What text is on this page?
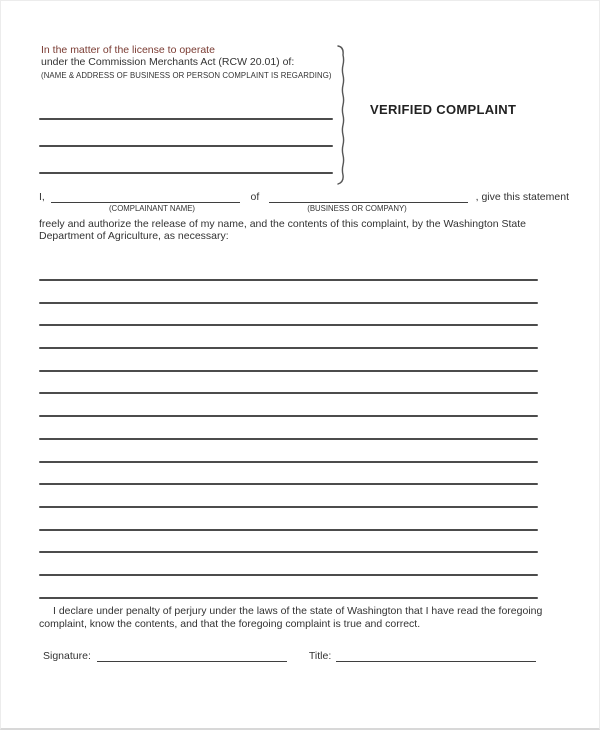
In the matter of the license to operate
under the Commission Merchants Act (RCW 20.01) of:
(NAME & ADDRESS OF BUSINESS OR PERSON COMPLAINT IS REGARDING)
VERIFIED COMPLAINT
I,	of	, give this statement
(COMPLAINANT NAME)	(BUSINESS OR COMPANY)
freely and authorize the release of my name, and the contents of this complaint, by the Washington State Department of Agriculture, as necessary:
I declare under penalty of perjury under the laws of the state of Washington that I have read the foregoing complaint, know the contents, and that the foregoing complaint is true and correct.
Signature:	Title:
